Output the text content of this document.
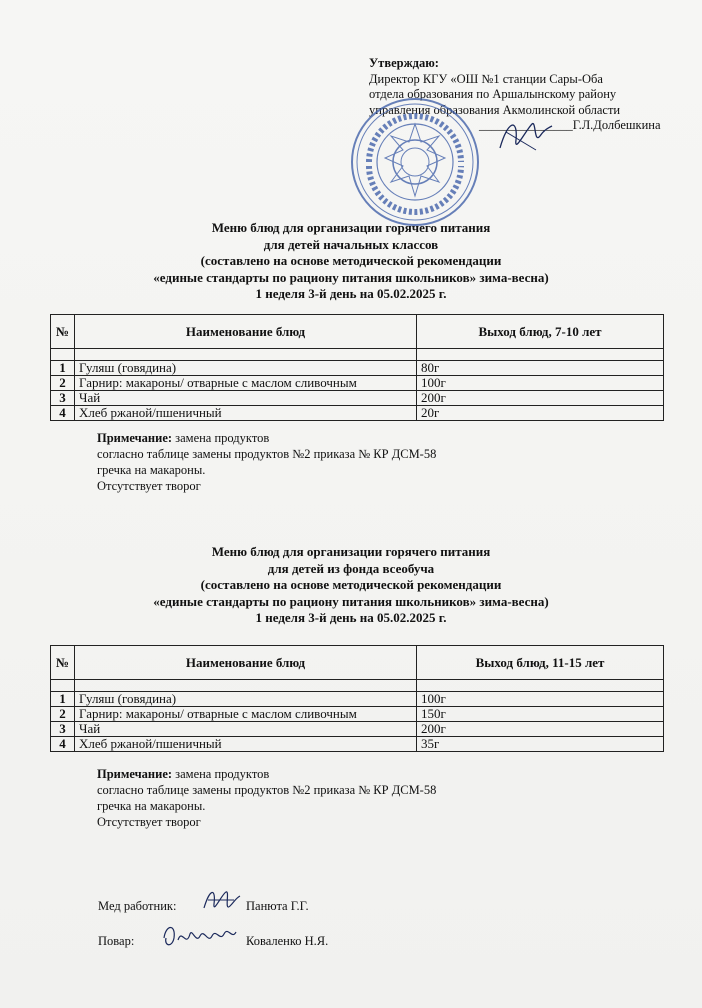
Утверждаю:
Директор КГУ «ОШ №1 станции Сары-Оба
отдела образования по Аршалынскому району
управления образования Акмолинской области
_______________Г.Л.Долбешкина
Меню блюд для организации горячего питания
для детей начальных классов
(составлено на основе методической рекомендации
«единые стандарты по рациону питания школьников» зима-весна)
1 неделя 3-й день на 05.02.2025 г.
№	Наименование блюд	Выход блюд, 7-10 лет

1	Гуляш (говядина)	80г
2	Гарнир: макароны/ отварные с маслом сливочным	100г
3	Чай	200г
4	Хлеб ржаной/пшеничный	20г
Примечание: замена продуктов
согласно таблице замены продуктов №2 приказа № КР ДСМ-58
гречка на макароны.
Отсутствует творог
Меню блюд для организации горячего питания
для детей из фонда всеобуча
(составлено на основе методической рекомендации
«единые стандарты по рациону питания школьников» зима-весна)
1 неделя 3-й день на 05.02.2025 г.
№	Наименование блюд	Выход блюд, 11-15 лет

1	Гуляш (говядина)	100г
2	Гарнир: макароны/ отварные с маслом сливочным	150г
3	Чай	200г
4	Хлеб ржаной/пшеничный	35г
Примечание: замена продуктов
согласно таблице замены продуктов №2 приказа № КР ДСМ-58
гречка на макароны.
Отсутствует творог
Мед работник:	Панюта Г.Г.
Повар:	Коваленко Н.Я.
